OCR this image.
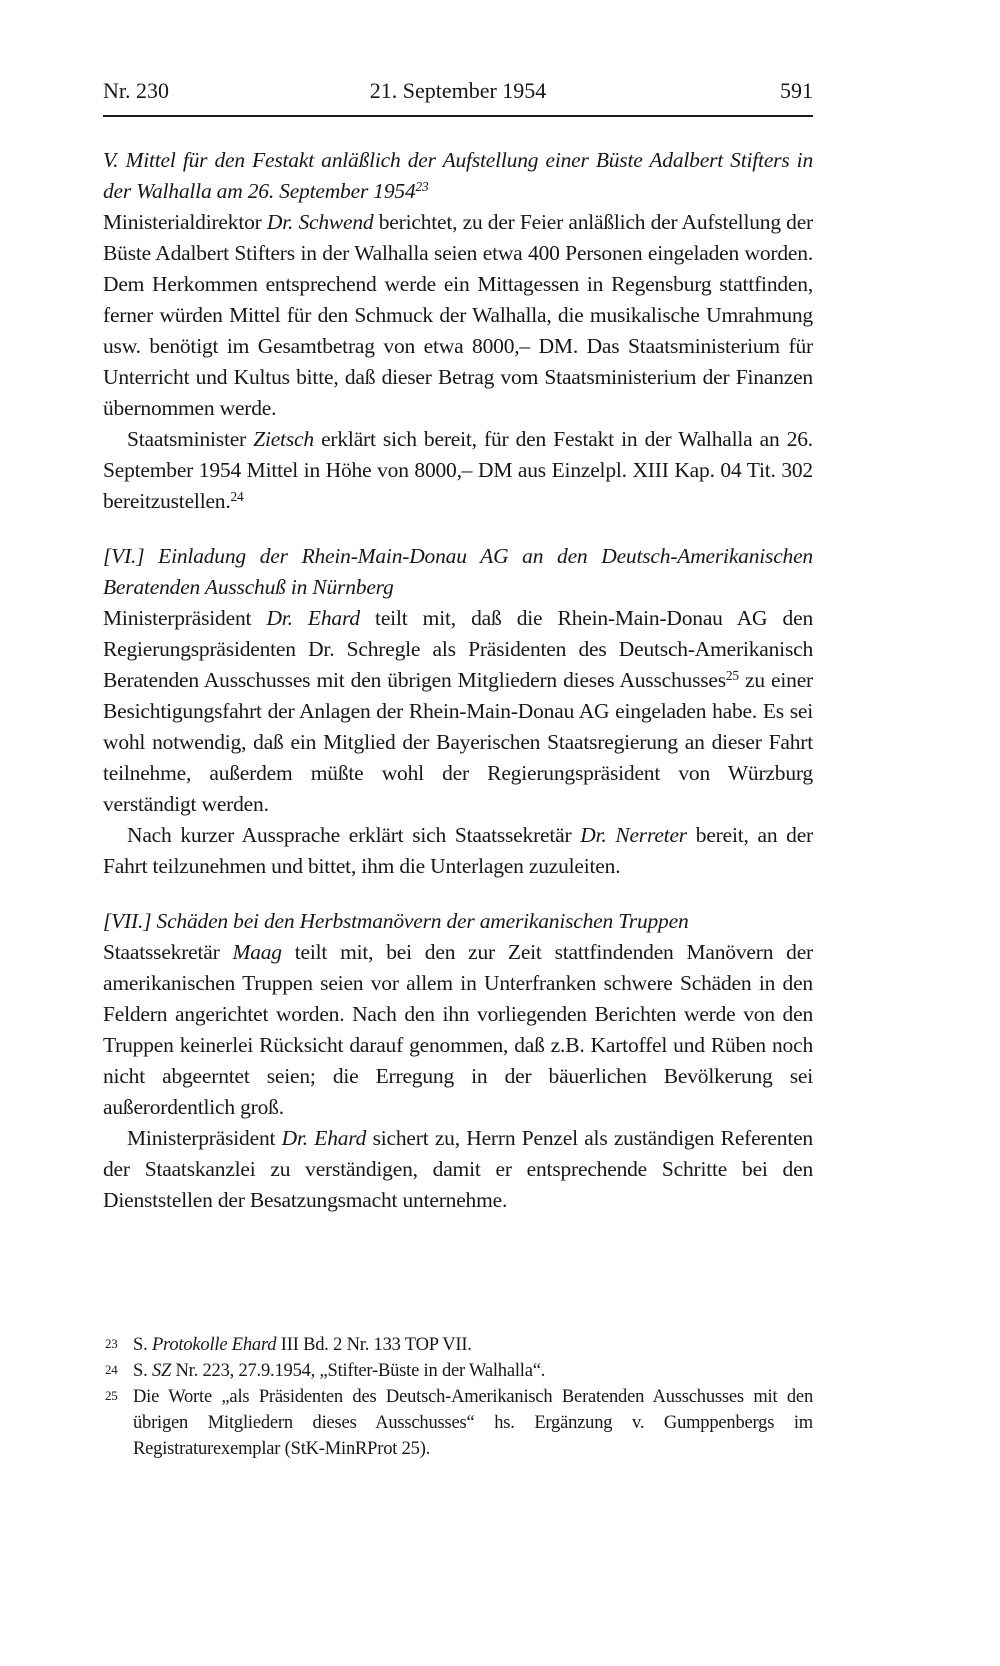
Nr. 230	21. September 1954	591

V. Mittel für den Festakt anläßlich der Aufstellung einer Büste Adalbert Stifters in der Walhalla am 26. September 1954$^{23}$

Ministerialdirektor Dr. Schwend berichtet, zu der Feier anläßlich der Aufstellung der Büste Adalbert Stifters in der Walhalla seien etwa 400 Personen eingeladen worden. Dem Herkommen entsprechend werde ein Mittagessen in Regensburg stattfinden, ferner würden Mittel für den Schmuck der Walhalla, die musikalische Umrahmung usw. benötigt im Gesamtbetrag von etwa 8000,– DM. Das Staatsministerium für Unterricht und Kultus bitte, daß dieser Betrag vom Staatsministerium der Finanzen übernommen werde.

Staatsminister Zietsch erklärt sich bereit, für den Festakt in der Walhalla an 26. September 1954 Mittel in Höhe von 8000,– DM aus Einzelpl. XIII Kap. 04 Tit. 302 bereitzustellen.$^{24}$

[VI.] Einladung der Rhein-Main-Donau AG an den Deutsch-Amerikanischen Beratenden Ausschuß in Nürnberg

Ministerpräsident Dr. Ehard teilt mit, daß die Rhein-Main-Donau AG den Regierungspräsidenten Dr. Schregle als Präsidenten des Deutsch-Amerikanisch Beratenden Ausschusses mit den übrigen Mitgliedern dieses Ausschusses$^{25}$ zu einer Besichtigungsfahrt der Anlagen der Rhein-Main-Donau AG eingeladen habe. Es sei wohl notwendig, daß ein Mitglied der Bayerischen Staatsregierung an dieser Fahrt teilnehme, außerdem müßte wohl der Regierungspräsident von Würzburg verständigt werden.

Nach kurzer Aussprache erklärt sich Staatssekretär Dr. Nerreter bereit, an der Fahrt teilzunehmen und bittet, ihm die Unterlagen zuzuleiten.

[VII.] Schäden bei den Herbstmanövern der amerikanischen Truppen

Staatssekretär Maag teilt mit, bei den zur Zeit stattfindenden Manövern der amerikanischen Truppen seien vor allem in Unterfranken schwere Schäden in den Feldern angerichtet worden. Nach den ihn vorliegenden Berichten werde von den Truppen keinerlei Rücksicht darauf genommen, daß z.B. Kartoffel und Rüben noch nicht abgeerntet seien; die Erregung in der bäuerlichen Bevölkerung sei außerordentlich groß.

Ministerpräsident Dr. Ehard sichert zu, Herrn Penzel als zuständigen Referenten der Staatskanzlei zu verständigen, damit er entsprechende Schritte bei den Dienststellen der Besatzungsmacht unternehme.

23 S. Protokolle Ehard III Bd. 2 Nr. 133 TOP VII.
24 S. SZ Nr. 223, 27.9.1954, „Stifter-Büste in der Walhalla“.
25 Die Worte „als Präsidenten des Deutsch-Amerikanisch Beratenden Ausschusses mit den übrigen Mitgliedern dieses Ausschusses“ hs. Ergänzung v. Gumppenbergs im Registraturexemplar (StK-MinRProt 25).
